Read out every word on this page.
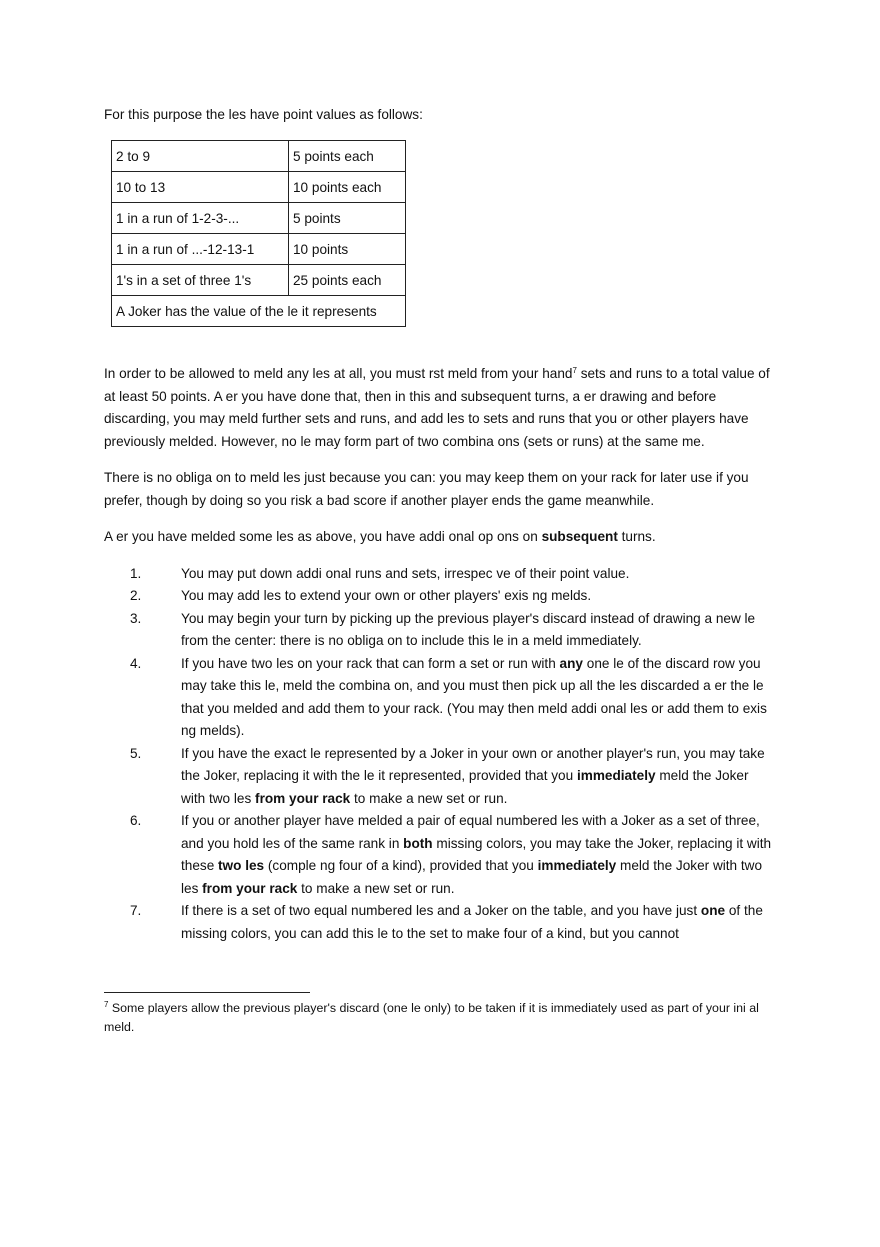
For this purpose the les have point values as follows:

2 to 9	5 points each
10 to 13	10 points each
1 in a run of 1-2-3-...	5 points
1 in a run of ...-12-13-1	10 points
1's in a set of three 1's	25 points each
A Joker has the value of the le it represents	

In order to be allowed to meld any les at all, you must rst meld from your hand$^7$ sets and runs to a total value of at least 50 points. A er you have done that, then in this and subsequent turns, a er drawing and before discarding, you may meld further sets and runs, and add les to sets and runs that you or other players have previously melded. However, no le may form part of two combina ons (sets or runs) at the same me.

There is no obliga on to meld les just because you can: you may keep them on your rack for later use if you prefer, though by doing so you risk a bad score if another player ends the game meanwhile.

A er you have melded some les as above, you have addi onal op ons on subsequent turns.

1.	You may put down addi onal runs and sets, irrespec ve of their point value.
2.	You may add les to extend your own or other players' exis ng melds.
3.	You may begin your turn by picking up the previous player's discard instead of drawing a new le from the center: there is no obliga on to include this le in a meld immediately.
4.	If you have two les on your rack that can form a set or run with any one le of the discard row you may take this le, meld the combina on, and you must then pick up all the les discarded a er the le that you melded and add them to your rack. (You may then meld addi onal les or add them to exis ng melds).
5.	If you have the exact le represented by a Joker in your own or another player's run, you may take the Joker, replacing it with the le it represented, provided that you immediately meld the Joker with two les from your rack to make a new set or run.
6.	If you or another player have melded a pair of equal numbered les with a Joker as a set of three, and you hold les of the same rank in both missing colors, you may take the Joker, replacing it with these two les (comple ng four of a kind), provided that you immediately meld the Joker with two les from your rack to make a new set or run.
7.	If there is a set of two equal numbered les and a Joker on the table, and you have just one of the missing colors, you can add this le to the set to make four of a kind, but you cannot

$^7$ Some players allow the previous player's discard (one le only) to be taken if it is immediately used as part of your ini al meld.
